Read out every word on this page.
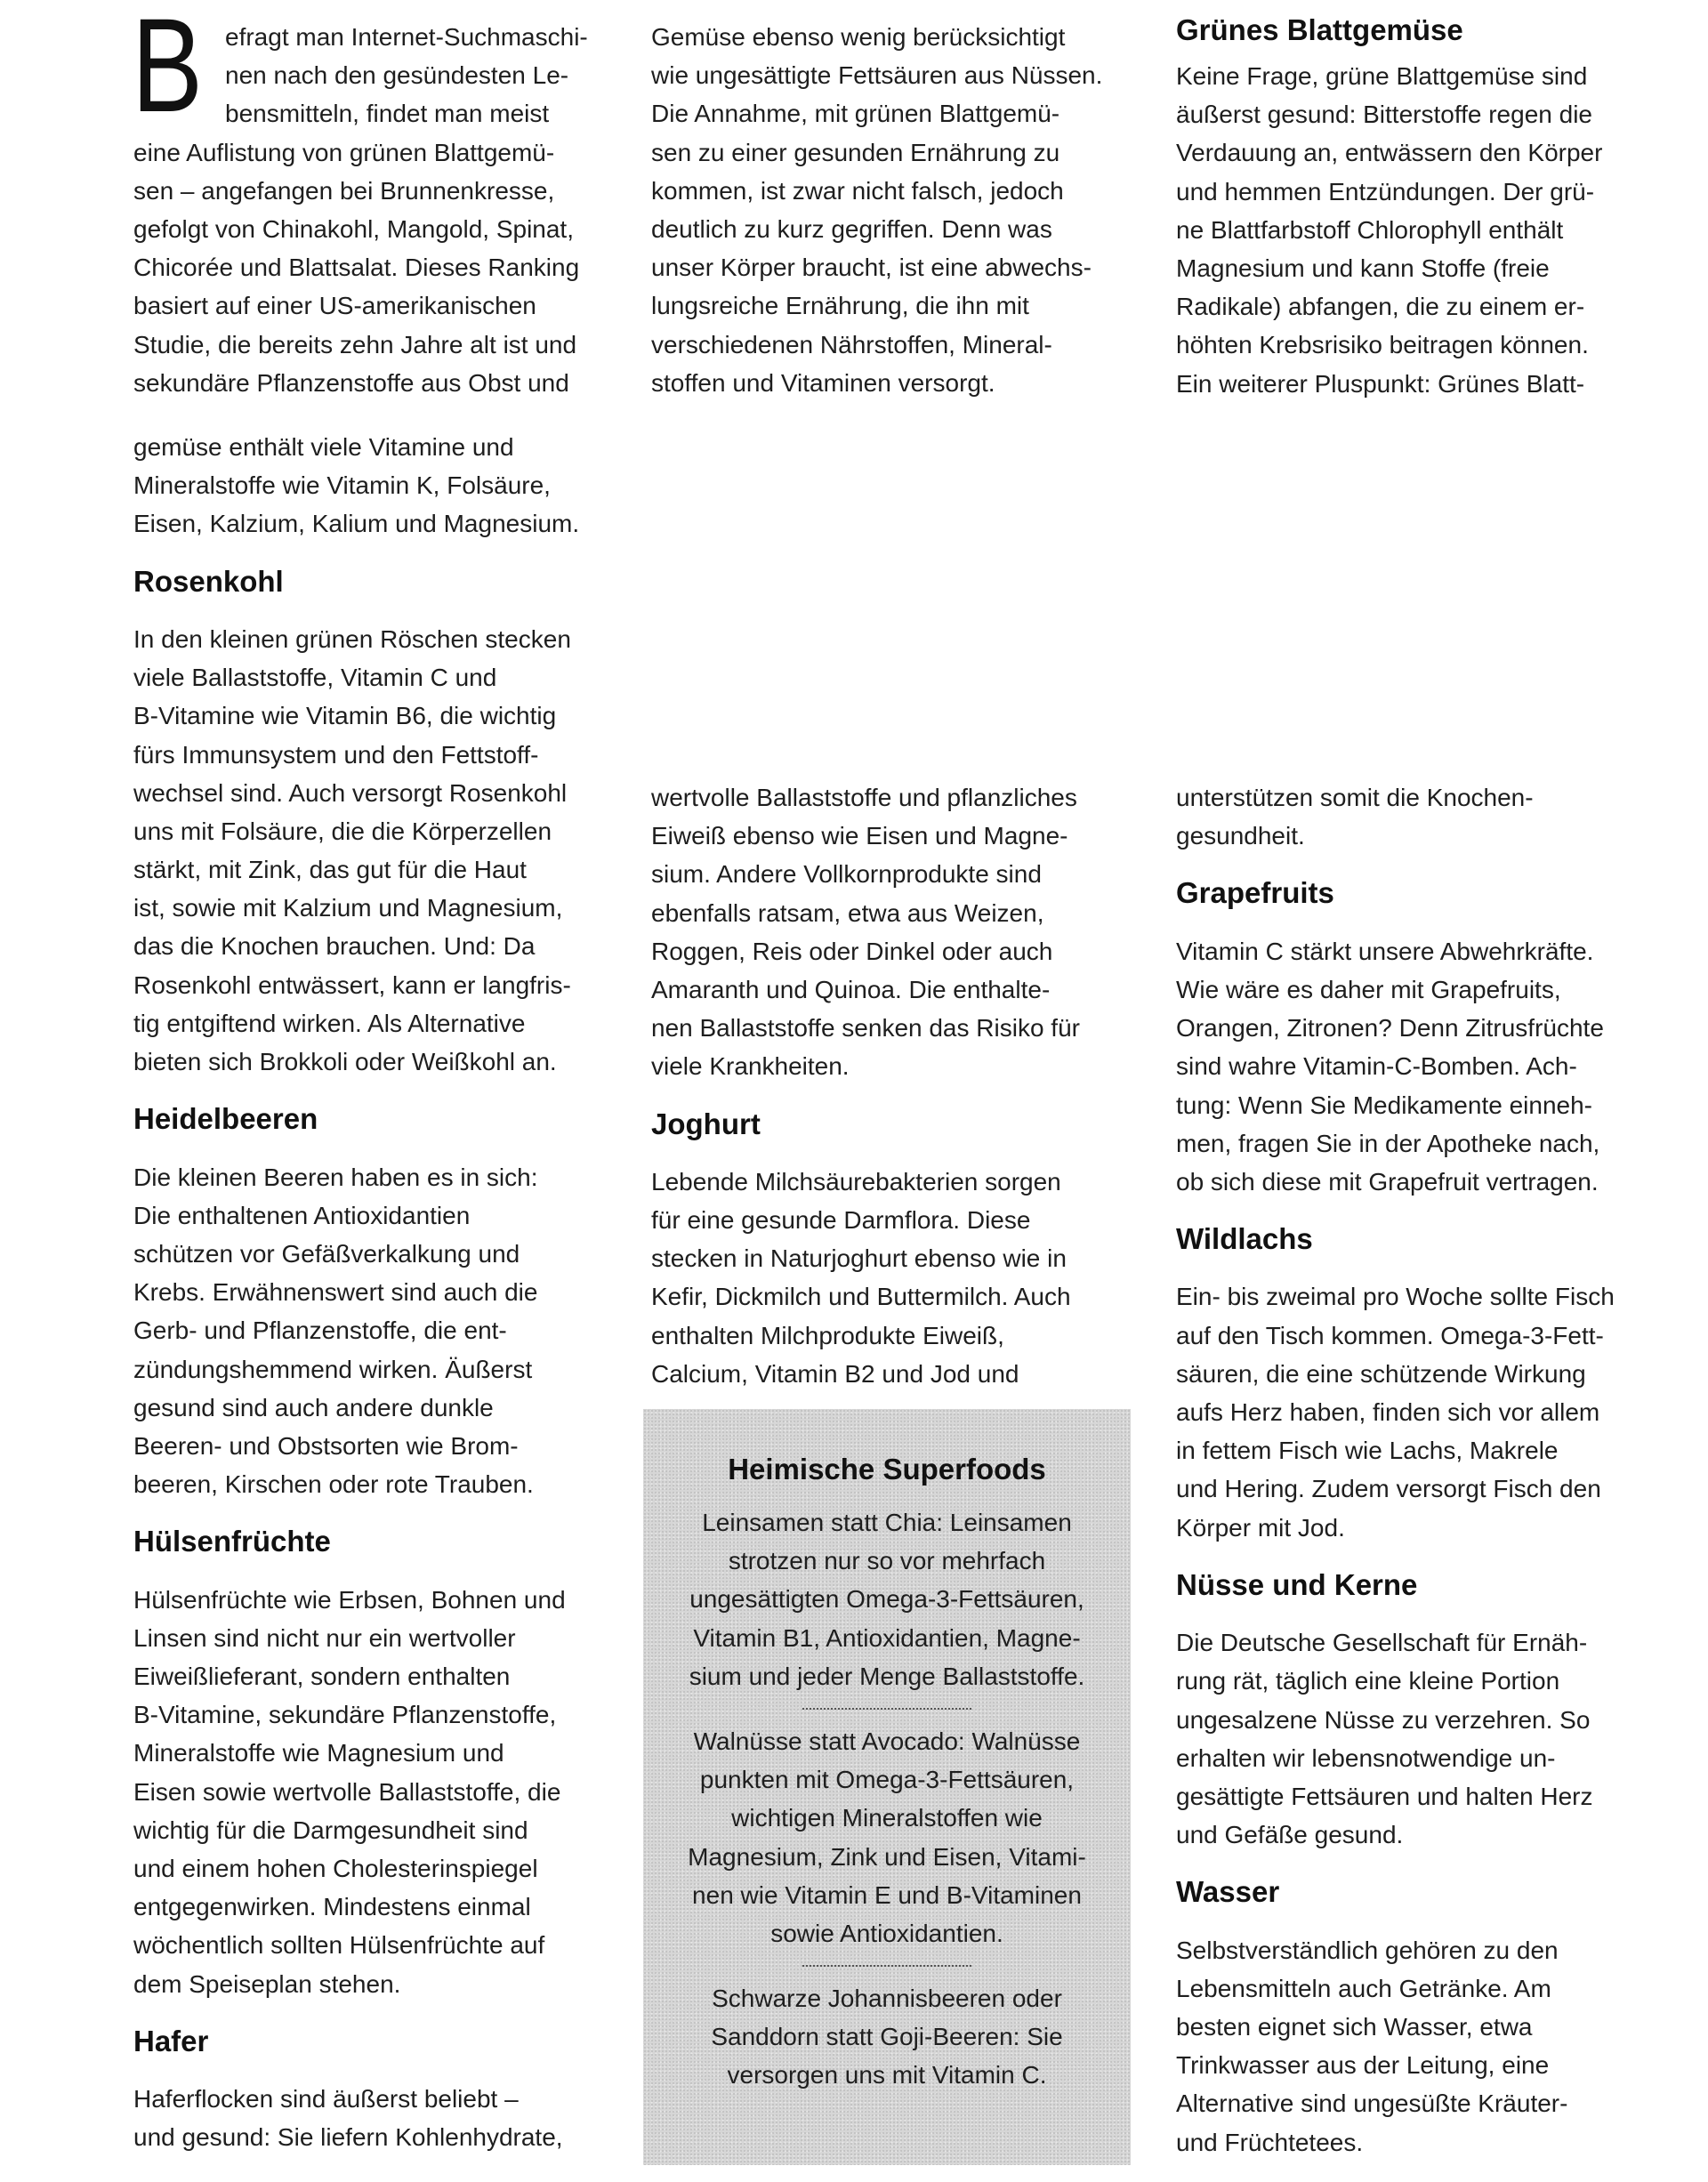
B efragt man Internet-Suchmaschi-
nen nach den gesündesten Le-
bensmitteln, findet man meist
eine Auflistung von grünen Blattgemü-
sen – angefangen bei Brunnenkresse,
gefolgt von Chinakohl, Mangold, Spinat,
Chicorée und Blattsalat. Dieses Ranking
basiert auf einer US-amerikanischen
Studie, die bereits zehn Jahre alt ist und
sekundäre Pflanzenstoffe aus Obst und
Gemüse ebenso wenig berücksichtigt
wie ungesättigte Fettsäuren aus Nüssen.
Die Annahme, mit grünen Blattgemü-
sen zu einer gesunden Ernährung zu
kommen, ist zwar nicht falsch, jedoch
deutlich zu kurz gegriffen. Denn was
unser Körper braucht, ist eine abwechs-
lungsreiche Ernährung, die ihn mit
verschiedenen Nährstoffen, Mineral-
stoffen und Vitaminen versorgt.
Grünes Blattgemüse
Keine Frage, grüne Blattgemüse sind
äußerst gesund: Bitterstoffe regen die
Verdauung an, entwässern den Körper
und hemmen Entzündungen. Der grü-
ne Blattfarbstoff Chlorophyll enthält
Magnesium und kann Stoffe (freie
Radikale) abfangen, die zu einem er-
höhten Krebsrisiko beitragen können.
Ein weiterer Pluspunkt: Grünes Blatt-
gemüse enthält viele Vitamine und
Mineralstoffe wie Vitamin K, Folsäure,
Eisen, Kalzium, Kalium und Magnesium.
Rosenkohl
In den kleinen grünen Röschen stecken
viele Ballaststoffe, Vitamin C und
B-Vitamine wie Vitamin B6, die wichtig
fürs Immunsystem und den Fettstoff-
wechsel sind. Auch versorgt Rosenkohl
uns mit Folsäure, die die Körperzellen
stärkt, mit Zink, das gut für die Haut
ist, sowie mit Kalzium und Magnesium,
das die Knochen brauchen. Und: Da
Rosenkohl entwässert, kann er langfris-
tig entgiftend wirken. Als Alternative
bieten sich Brokkoli oder Weißkohl an.
Heidelbeeren
Die kleinen Beeren haben es in sich:
Die enthaltenen Antioxidantien
schützen vor Gefäßverkalkung und
Krebs. Erwähnenswert sind auch die
Gerb- und Pflanzenstoffe, die ent-
zündungshemmend wirken. Äußerst
gesund sind auch andere dunkle
Beeren- und Obstsorten wie Brom-
beeren, Kirschen oder rote Trauben.
Hülsenfrüchte
Hülsenfrüchte wie Erbsen, Bohnen und
Linsen sind nicht nur ein wertvoller
Eiweißlieferant, sondern enthalten
B-Vitamine, sekundäre Pflanzenstoffe,
Mineralstoffe wie Magnesium und
Eisen sowie wertvolle Ballaststoffe, die
wichtig für die Darmgesundheit sind
und einem hohen Cholesterinspiegel
entgegenwirken. Mindestens einmal
wöchentlich sollten Hülsenfrüchte auf
dem Speiseplan stehen.
Hafer
Haferflocken sind äußerst beliebt –
und gesund: Sie liefern Kohlenhydrate,
wertvolle Ballaststoffe und pflanzliches
Eiweiß ebenso wie Eisen und Magne-
sium. Andere Vollkornprodukte sind
ebenfalls ratsam, etwa aus Weizen,
Roggen, Reis oder Dinkel oder auch
Amaranth und Quinoa. Die enthalte-
nen Ballaststoffe senken das Risiko für
viele Krankheiten.
Joghurt
Lebende Milchsäurebakterien sorgen
für eine gesunde Darmflora. Diese
stecken in Naturjoghurt ebenso wie in
Kefir, Dickmilch und Buttermilch. Auch
enthalten Milchprodukte Eiweiß,
Calcium, Vitamin B2 und Jod und
unterstützen somit die Knochen-
gesundheit.
Grapefruits
Vitamin C stärkt unsere Abwehrkräfte.
Wie wäre es daher mit Grapefruits,
Orangen, Zitronen? Denn Zitrusfrüchte
sind wahre Vitamin-C-Bomben. Ach-
tung: Wenn Sie Medikamente einneh-
men, fragen Sie in der Apotheke nach,
ob sich diese mit Grapefruit vertragen.
Wildlachs
Ein- bis zweimal pro Woche sollte Fisch
auf den Tisch kommen. Omega-3-Fett-
säuren, die eine schützende Wirkung
aufs Herz haben, finden sich vor allem
in fettem Fisch wie Lachs, Makrele
und Hering. Zudem versorgt Fisch den
Körper mit Jod.
Nüsse und Kerne
Die Deutsche Gesellschaft für Ernäh-
rung rät, täglich eine kleine Portion
ungesalzene Nüsse zu verzehren. So
erhalten wir lebensnotwendige un-
gesättigte Fettsäuren und halten Herz
und Gefäße gesund.
Wasser
Selbstverständlich gehören zu den
Lebensmitteln auch Getränke. Am
besten eignet sich Wasser, etwa
Trinkwasser aus der Leitung, eine
Alternative sind ungesüßte Kräuter-
und Früchtetees.
Heimische Superfoods
Leinsamen statt Chia: Leinsamen
strotzen nur so vor mehrfach
ungesättigten Omega-3-Fettsäuren,
Vitamin B1, Antioxidantien, Magne-
sium und jeder Menge Ballaststoffe.
Walnüsse statt Avocado: Walnüsse
punkten mit Omega-3-Fettsäuren,
wichtigen Mineralstoffen wie
Magnesium, Zink und Eisen, Vitami-
nen wie Vitamin E und B-Vitaminen
sowie Antioxidantien.
Schwarze Johannisbeeren oder
Sanddorn statt Goji-Beeren: Sie
versorgen uns mit Vitamin C.
